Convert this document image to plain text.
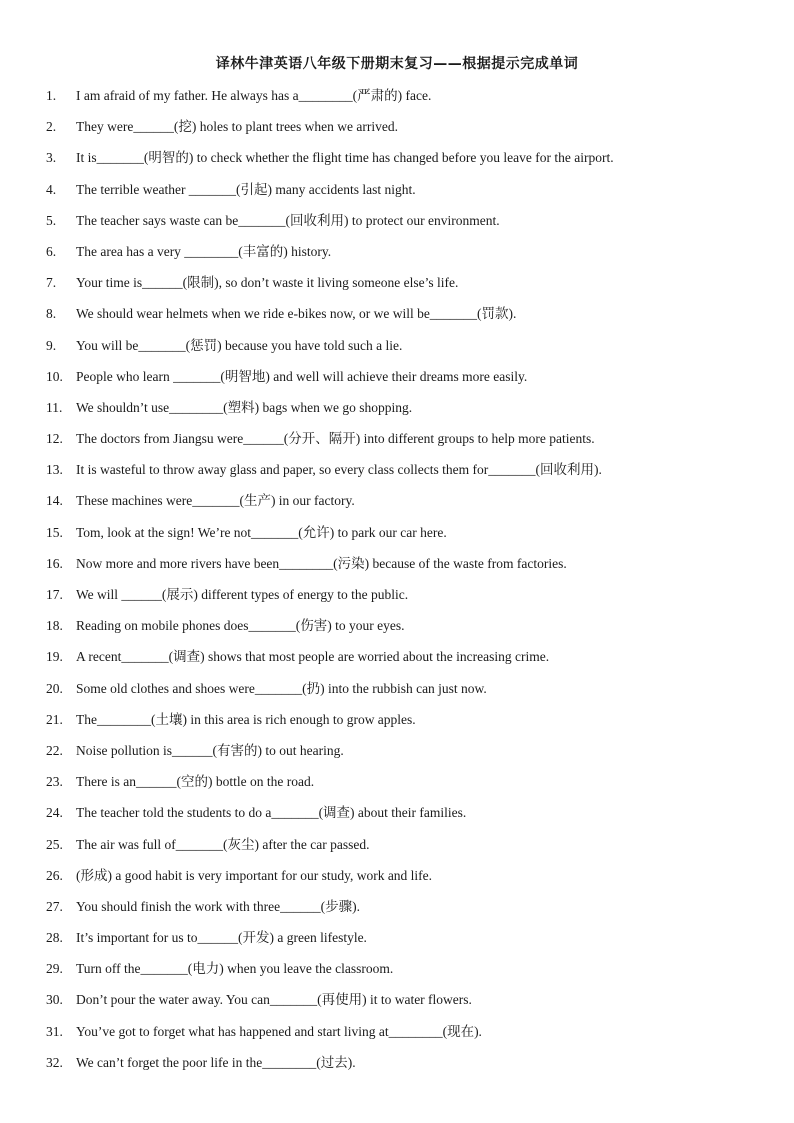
译林牛津英语八年级下册期末复习——根据提示完成单词
1.	I am afraid of my father. He always has a________(严肃的) face.
2.	They were______(挖) holes to plant trees when we arrived.
3.	It is_______(明智的) to check whether the flight time has changed before you leave for the airport.
4.	The terrible weather _______(引起) many accidents last night.
5.	The teacher says waste can be_______(回收利用) to protect our environment.
6.	The area has a very ________(丰富的) history.
7.	Your time is______(限制), so don’t waste it living someone else’s life.
8.	We should wear helmets when we ride e-bikes now, or we will be_______(罚款).
9.	You will be_______(惩罚) because you have told such a lie.
10. People who learn _______(明智地) and well will achieve their dreams more easily.
11.	We shouldn’t use________(塑料) bags when we go shopping.
12. The doctors from Jiangsu were______(分开、隔开) into different groups to help more patients.
13. It is wasteful to throw away glass and paper, so every class collects them for_______(回收利用).
14. These machines were_______(生产) in our factory.
15. Tom, look at the sign! We’re not_______(允许) to park our car here.
16. Now more and more rivers have been________(污染) because of the waste from factories.
17. We will ______(展示) different types of energy to the public.
18. Reading on mobile phones does_______(伤害) to your eyes.
19. A recent_______(调查) shows that most people are worried about the increasing crime.
20. Some old clothes and shoes were_______(扔) into the rubbish can just now.
21. The________(土壤) in this area is rich enough to grow apples.
22. Noise pollution is______(有害的) to out hearing.
23. There is an______(空的) bottle on the road.
24. The teacher told the students to do a_______(调查) about their families.
25. The air was full of_______(灰尘) after the car passed.
26. (形成) a good habit is very important for our study, work and life.
27. You should finish the work with three______(步骤).
28. It’s important for us to______(开发) a green lifestyle.
29. Turn off the_______(电力) when you leave the classroom.
30. Don’t pour the water away. You can_______(再使用) it to water flowers.
31. You’ve got to forget what has happened and start living at________(现在).
32. We can’t forget the poor life in the________(过去).
